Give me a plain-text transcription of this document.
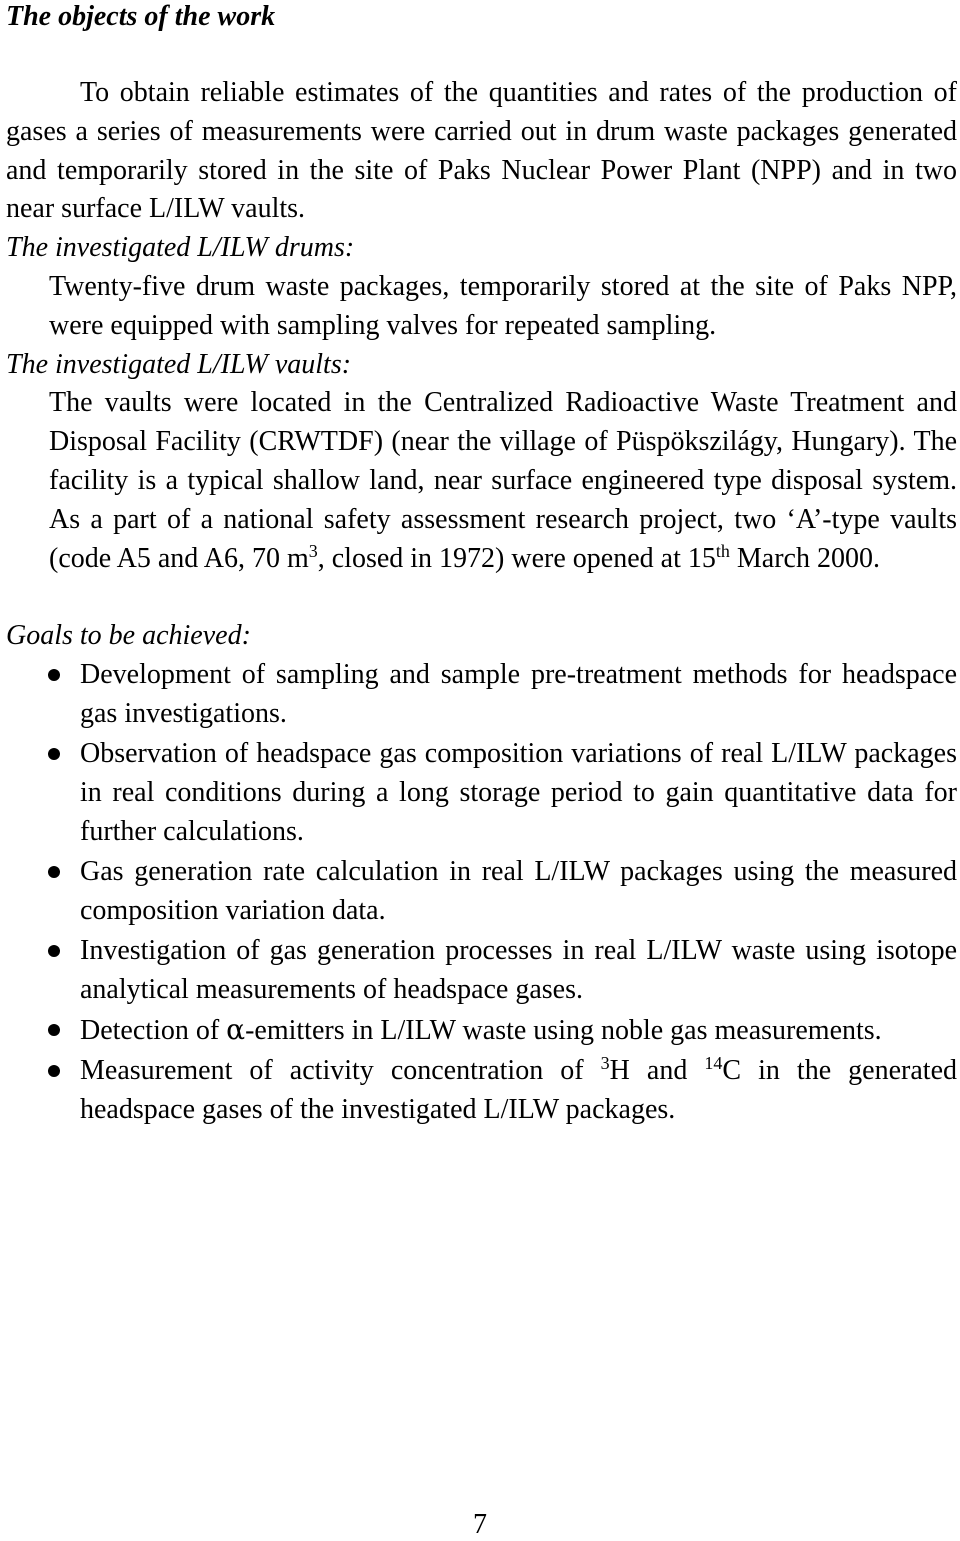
The objects of the work

To obtain reliable estimates of the quantities and rates of the production of gases a series of measurements were carried out in drum waste packages generated and temporarily stored in the site of Paks Nuclear Power Plant (NPP) and in two near surface L/ILW vaults.

The investigated L/ILW drums:

Twenty-five drum waste packages, temporarily stored at the site of Paks NPP, were equipped with sampling valves for repeated sampling.

The investigated L/ILW vaults:

The vaults were located in the Centralized Radioactive Waste Treatment and Disposal Facility (CRWTDF) (near the village of Püspökszilágy, Hungary). The facility is a typical shallow land, near surface engineered type disposal system. As a part of a national safety assessment research project, two ‘A’-type vaults (code A5 and A6, 70 $m^3$, closed in 1972) were opened at 15th March 2000.

Goals to be achieved:

Development of sampling and sample pre-treatment methods for headspace gas investigations.
Observation of headspace gas composition variations of real L/ILW packages in real conditions during a long storage period to gain quantitative data for further calculations.
Gas generation rate calculation in real L/ILW packages using the measured composition variation data.
Investigation of gas generation processes in real L/ILW waste using isotope analytical measurements of headspace gases.
Detection of α-emitters in L/ILW waste using noble gas measurements.
Measurement of activity concentration of $^3$H and $^{14}$C in the generated headspace gases of the investigated L/ILW packages.
7
